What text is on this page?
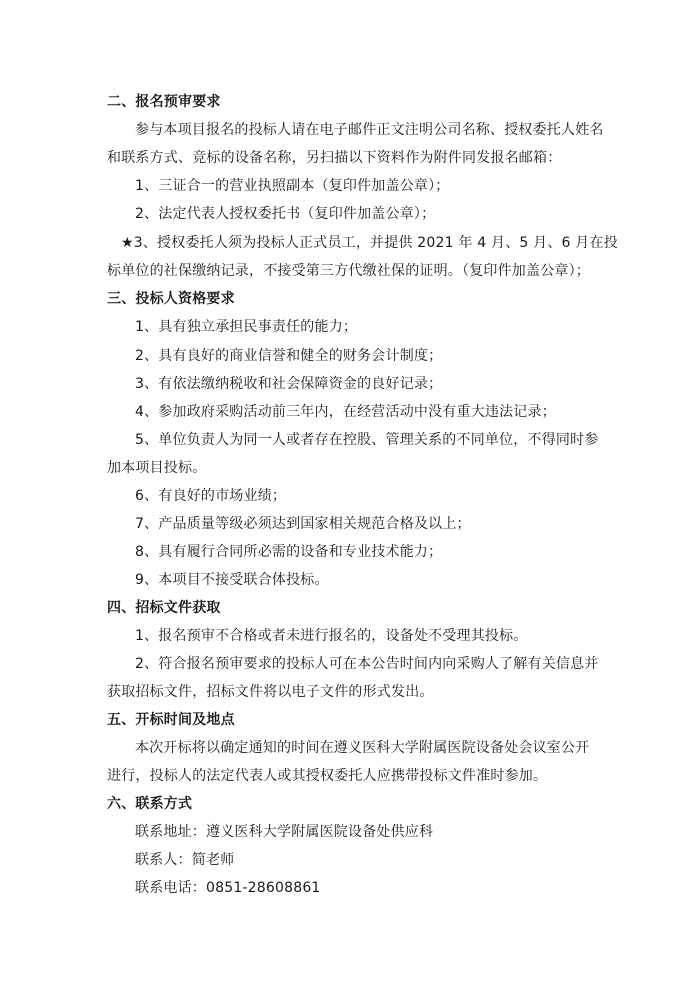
二、报名预审要求
参与本项目报名的投标人请在电子邮件正文注明公司名称、授权委托人姓名
和联系方式、竞标的设备名称，另扫描以下资料作为附件同发报名邮箱：
1、三证合一的营业执照副本（复印件加盖公章）；
2、法定代表人授权委托书（复印件加盖公章）；
★3、授权委托人须为投标人正式员工，并提供 2021 年 4 月、5 月、6 月在投
标单位的社保缴纳记录，不接受第三方代缴社保的证明。（复印件加盖公章）；
三、投标人资格要求
1、具有独立承担民事责任的能力；
2、具有良好的商业信誉和健全的财务会计制度；
3、有依法缴纳税收和社会保障资金的良好记录；
4、参加政府采购活动前三年内，在经营活动中没有重大违法记录；
5、单位负责人为同一人或者存在控股、管理关系的不同单位，不得同时参
加本项目投标。
6、有良好的市场业绩；
7、产品质量等级必须达到国家相关规范合格及以上；
8、具有履行合同所必需的设备和专业技术能力；
9、本项目不接受联合体投标。
四、招标文件获取
1、报名预审不合格或者未进行报名的，设备处不受理其投标。
2、符合报名预审要求的投标人可在本公告时间内向采购人了解有关信息并
获取招标文件，招标文件将以电子文件的形式发出。
五、开标时间及地点
本次开标将以确定通知的时间在遵义医科大学附属医院设备处会议室公开
进行，投标人的法定代表人或其授权委托人应携带投标文件准时参加。
六、联系方式
联系地址：遵义医科大学附属医院设备处供应科
联系人：简老师
联系电话：0851-28608861
